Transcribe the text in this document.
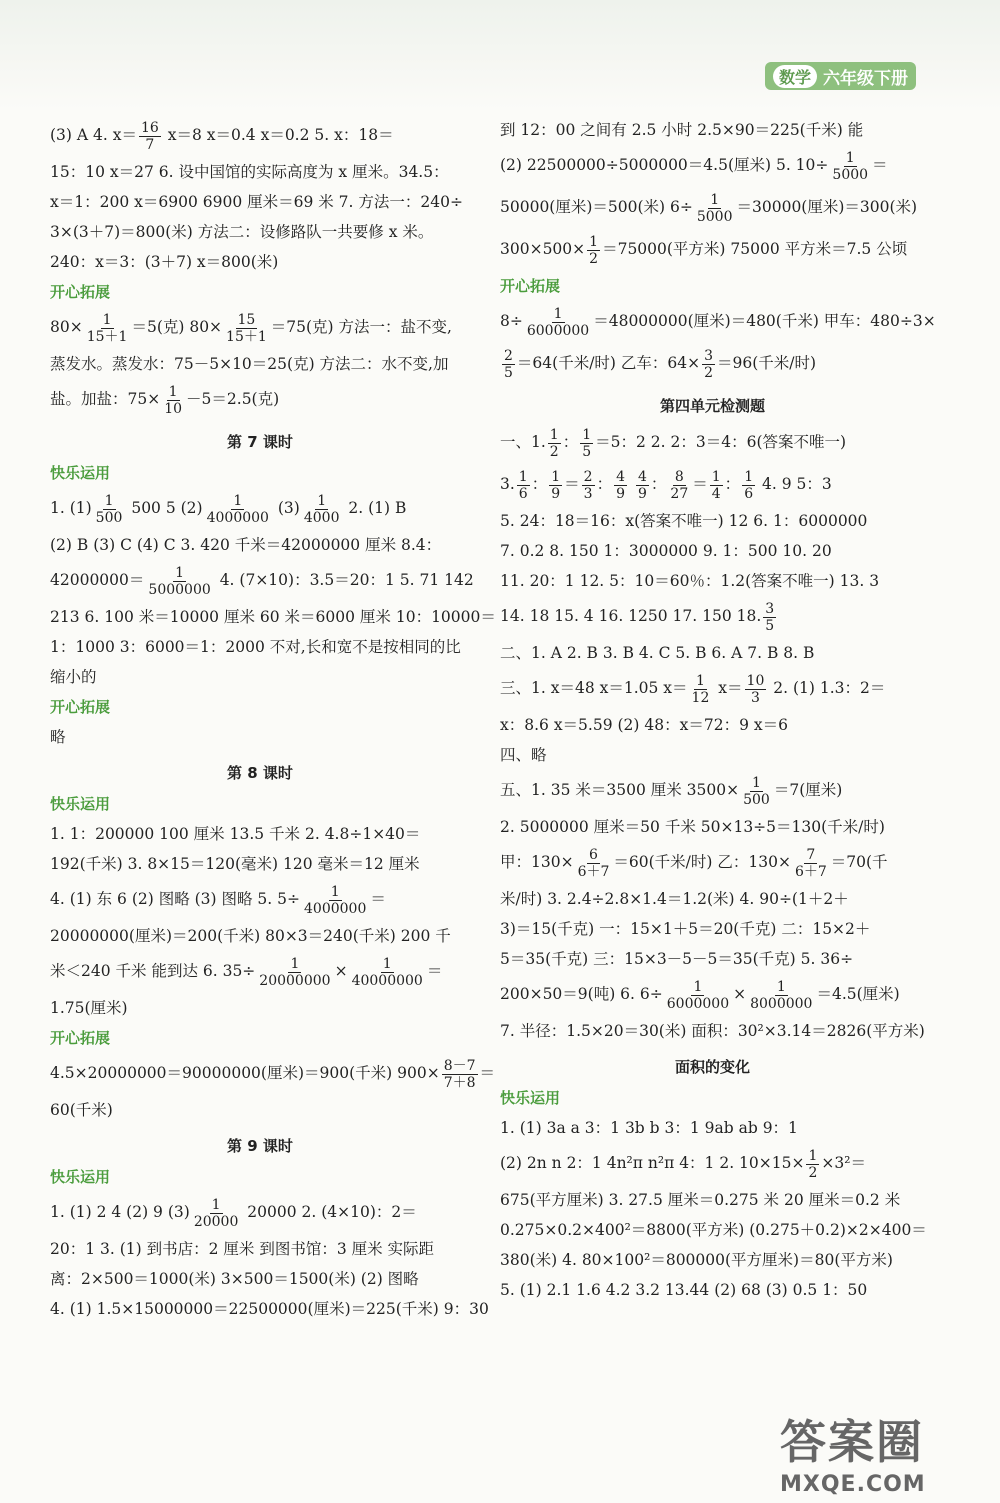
数学 六年级下册

(3) A 4. $x= \frac{16}{7} x=8$ x＝0.4 x＝0.2 5. x：18＝

15：10 x＝27 6. 设中国馆的实际高度为 x 厘米。34.5：

x＝1：200 x＝6900 6900 厘米＝69 米 7. 方法一：240÷

3×(3＋7)＝800(米) 方法二：设修路队一共要修 x 米。

240：x＝3：(3＋7) x＝800(米)

开心拓展

$80\times \frac{1}{15+1} =5$(克) $80\times \frac{15}{15+1} =75$(克) 方法一：盐不变,

蒸发水。蒸发水：75－5×10＝25(克) 方法二：水不变,加

盐。加盐：$75\times \frac{1}{10} -5=2.5$(克)

第 7 课时

快乐运用

1. $(1) \frac{1}{500} 500$ 5 $(2) \frac{1}{4000000} (3) \frac{1}{4000} 2$. (1) B

(2) B (3) C (4) C 3. 420 千米＝42000000 厘米 8.4：

$42000000= \frac{1}{5000000} 4$. (7×10)：3.5＝20：1 5. 71 142

213 6. 100 米＝10000 厘米 60 米＝6000 厘米 10：10000＝

1：1000 3：6000＝1：2000 不对,长和宽不是按相同的比

缩小的

开心拓展

略

第 8 课时

快乐运用

1. 1：200000 100 厘米 13.5 千米 2. 4.8÷1×40＝

192(千米) 3. 8×15＝120(毫米) 120 毫米＝12 厘米

4. (1) 东 6 (2) 图略 (3) 图略 5. $5\div \frac{1}{4000000}$ ＝

20000000(厘米)＝200(千米) 80×3＝240(千米) 200 千

米＜240 千米 能到达 6. $35\div \frac{1}{20000000} \times \frac{1}{40000000}$ ＝

1.75(厘米)

开心拓展

4.5×20000000＝90000000(厘米)＝900(千米) $900\times \frac{8-7}{7+8}$ ＝

60(千米)

第 9 课时

快乐运用

1. (1) 2 4 (2) 9 $(3) \frac{1}{20000} 20000$ 2. (4×10)：2＝

20：1 3. (1) 到书店：2 厘米 到图书馆：3 厘米 实际距

离：2×500＝1000(米) 3×500＝1500(米) (2) 图略

4. (1) 1.5×15000000＝22500000(厘米)＝225(千米) 9：30

到 12：00 之间有 2.5 小时 2.5×90＝225(千米) 能

(2) 22500000÷5000000＝4.5(厘米) 5. $10\div \frac{1}{5000}$ ＝

50000(厘米)＝500(米) $6\div \frac{1}{5000} =30000$(厘米)＝300(米)

$300\times 500\times \frac{1}{2} =75000$(平方米) 75000 平方米＝7.5 公顷

开心拓展

$8\div \frac{1}{6000000} =48000000$(厘米)＝480(千米) 甲车：480÷3×

$\frac{2}{5} =64$(千米/时) 乙车：$64\times \frac{3}{2} =96$(千米/时)

第四单元检测题

一、1. $\frac{1}{2}$ ： $\frac{1}{5} =5$：2 2. 2：3＝4：6(答案不唯一)

3. $\frac{1}{6}$ ： $\frac{1}{9} = \frac{2}{3}$ ： $\frac{4}{9}$
$\frac{4}{9}$ ： $\frac{8}{27} = \frac{1}{4}$ ： $\frac{1}{6} 4$. 9 5：3

5. 24：18＝16：x(答案不唯一) 12 6. 1：6000000

7. 0.2 8. 150 1：3000000 9. 1：500 10. 20

11. 20：1 12. 5：10＝60％：1.2(答案不唯一) 13. 3

14. 18 15. 4 16. 1250 17. 150 18. $\frac{3}{5}$

二、1. A 2. B 3. B 4. C 5. B 6. A 7. B 8. B

三、1. x＝48 x＝1.05 $x= \frac{1}{12} x= \frac{10}{3} 2$. (1) 1.3：2＝

x：8.6 x＝5.59 (2) 48：x＝72：9 x＝6

四、略

五、1. 35 米＝3500 厘米 $3500\times \frac{1}{500} =7$(厘米)

2. 5000000 厘米＝50 千米 50×13÷5＝130(千米/时)

甲：$130\times \frac{6}{6+7} =60$(千米/时) 乙：$130\times \frac{7}{6+7} =70$(千

米/时) 3. 2.4÷2.8×1.4＝1.2(米) 4. 90÷(1＋2＋

3)＝15(千克) 一：15×1＋5＝20(千克) 二：15×2＋

5＝35(千克) 三：15×3－5－5＝35(千克) 5. 36÷

200×50＝9(吨) 6. $6\div \frac{1}{6000000} \times \frac{1}{8000000} =4.5$(厘米)

7. 半径：1.5×20＝30(米) 面积：30²×3.14＝2826(平方米)

面积的变化

快乐运用

1. (1) 3a a 3：1 3b b 3：1 9ab ab 9：1

(2) 2n n 2：1 4n²π n²π 4：1 2. $10\times 15\times \frac{1}{2} \times 3^2=$

675(平方厘米) 3. 27.5 厘米＝0.275 米 20 厘米＝0.2 米

0.275×0.2×400²＝8800(平方米) (0.275＋0.2)×2×400＝

380(米) 4. 80×100²＝800000(平方厘米)＝80(平方米)

5. (1) 2.1 1.6 4.2 3.2 13.44 (2) 68 (3) 0.5 1：50

答案圈
MXQE.COM
